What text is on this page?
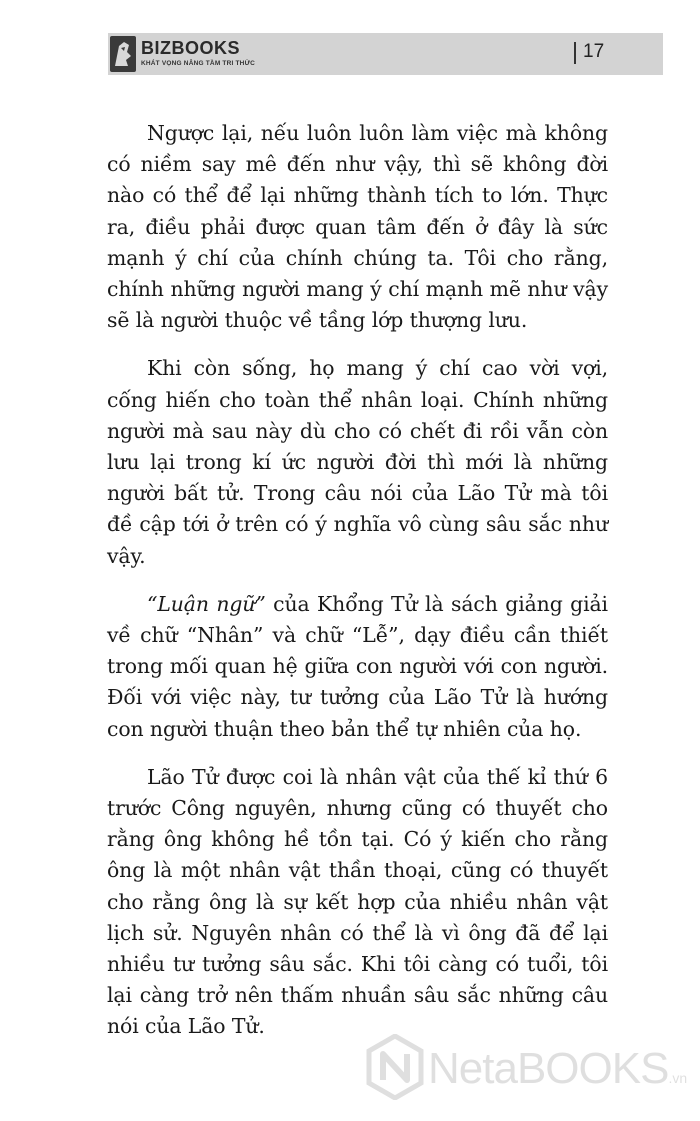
BIZBOOKS
KHÁT VỌNG NÂNG TẦM TRI THỨC
17

Ngược lại, nếu luôn luôn làm việc mà không có niềm say mê đến như vậy, thì sẽ không đời nào có thể để lại những thành tích to lớn. Thực ra, điều phải được quan tâm đến ở đây là sức mạnh ý chí của chính chúng ta. Tôi cho rằng, chính những người mang ý chí mạnh mẽ như vậy sẽ là người thuộc về tầng lớp thượng lưu.

Khi còn sống, họ mang ý chí cao vời vợi, cống hiến cho toàn thể nhân loại. Chính những người mà sau này dù cho có chết đi rồi vẫn còn lưu lại trong kí ức người đời thì mới là những người bất tử. Trong câu nói của Lão Tử mà tôi đề cập tới ở trên có ý nghĩa vô cùng sâu sắc như vậy.

“Luận ngữ” của Khổng Tử là sách giảng giải về chữ “Nhân” và chữ “Lễ”, dạy điều cần thiết trong mối quan hệ giữa con người với con người. Đối với việc này, tư tưởng của Lão Tử là hướng con người thuận theo bản thể tự nhiên của họ.

Lão Tử được coi là nhân vật của thế kỉ thứ 6 trước Công nguyên, nhưng cũng có thuyết cho rằng ông không hề tồn tại. Có ý kiến cho rằng ông là một nhân vật thần thoại, cũng có thuyết cho rằng ông là sự kết hợp của nhiều nhân vật lịch sử. Nguyên nhân có thể là vì ông đã để lại nhiều tư tưởng sâu sắc. Khi tôi càng có tuổi, tôi lại càng trở nên thấm nhuần sâu sắc những câu nói của Lão Tử.

NetaBOOKS.vn
